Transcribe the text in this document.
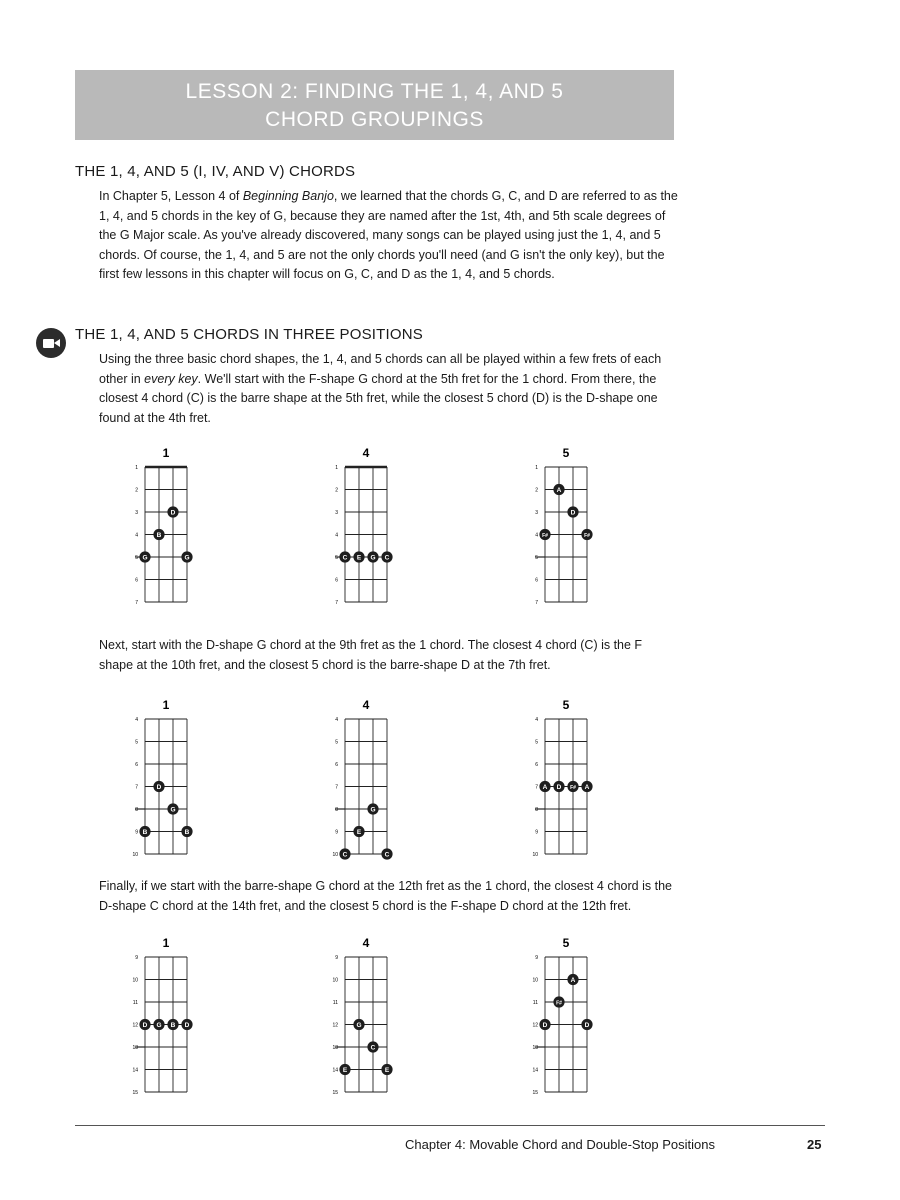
LESSON 2: FINDING THE 1, 4, AND 5
CHORD GROUPINGS
THE 1, 4, AND 5 (I, IV, AND V) CHORDS

In Chapter 5, Lesson 4 of Beginning Banjo, we learned that the chords G, C, and D are referred to as the 1, 4, and 5 chords in the key of G, because they are named after the 1st, 4th, and 5th scale degrees of the G Major scale. As you've already discovered, many songs can be played using just the 1, 4, and 5 chords. Of course, the 1, 4, and 5 are not the only chords you'll need (and G isn't the only key), but the first few lessons in this chapter will focus on G, C, and D as the 1, 4, and 5 chords.

THE 1, 4, AND 5 CHORDS IN THREE POSITIONS

Using the three basic chord shapes, the 1, 4, and 5 chords can all be played within a few frets of each other in every key. We'll start with the F-shape G chord at the 5th fret for the 1 chord. From there, the closest 4 chord (C) is the barre shape at the 5th fret, while the closest 5 chord (D) is the D-shape one found at the 4th fret.

Next, start with the D-shape G chord at the 9th fret as the 1 chord. The closest 4 chord (C) is the F shape at the 10th fret, and the closest 5 chord is the barre-shape D at the 7th fret.

Finally, if we start with the barre-shape G chord at the 12th fret as the 1 chord, the closest 4 chord is the D-shape C chord at the 14th fret, and the closest 5 chord is the F-shape D chord at the 12th fret.

1
1
2
3
4
5
6
7
G
B
D
G
4
1
2
3
4
5
6
7
C E G C
5
1
2
3
4
5
6
7
F#
A
D
F#
1
4
5
6
7
8
9
10
B
D
G
B
4
4
5
6
7
8
9
10 C
E
G
C
5
4
5
6
7
8
9
10
A D F# A
1
9
10
11
12
13
14
15
D G B D
4
9
10
11
12
13
14
15
E
G
C
E
5
9
10
11
12
13
14
15
D
F#
A
D
Chapter 4: Movable Chord and Double-Stop Positions	25
